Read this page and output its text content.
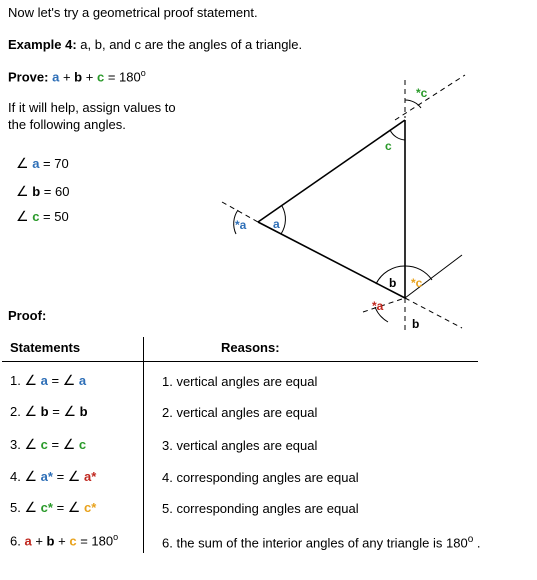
Now let's try a geometrical proof statement.
Example 4: a, b, and c are the angles of a triangle.
Prove: $a + b + c = 180^o$
If it will help, assign values to
the following angles.
∠ a = 70
∠ b = 60
∠ c = 50	a
*a
c
*c
b *c
*a
b
Proof:
Statements	Reasons:
1. ∠ a = ∠ a	1. vertical angles are equal
2. ∠ b = ∠ b	2. vertical angles are equal
3. ∠ c = ∠ c	3. vertical angles are equal
4. ∠ a* = ∠ a*	4. corresponding angles are equal
5. ∠ c* = ∠ c*	5. corresponding angles are equal
6. $a + b + c = 180^o$	6. the sum of the interior angles of any triangle is 180$^o$ .
